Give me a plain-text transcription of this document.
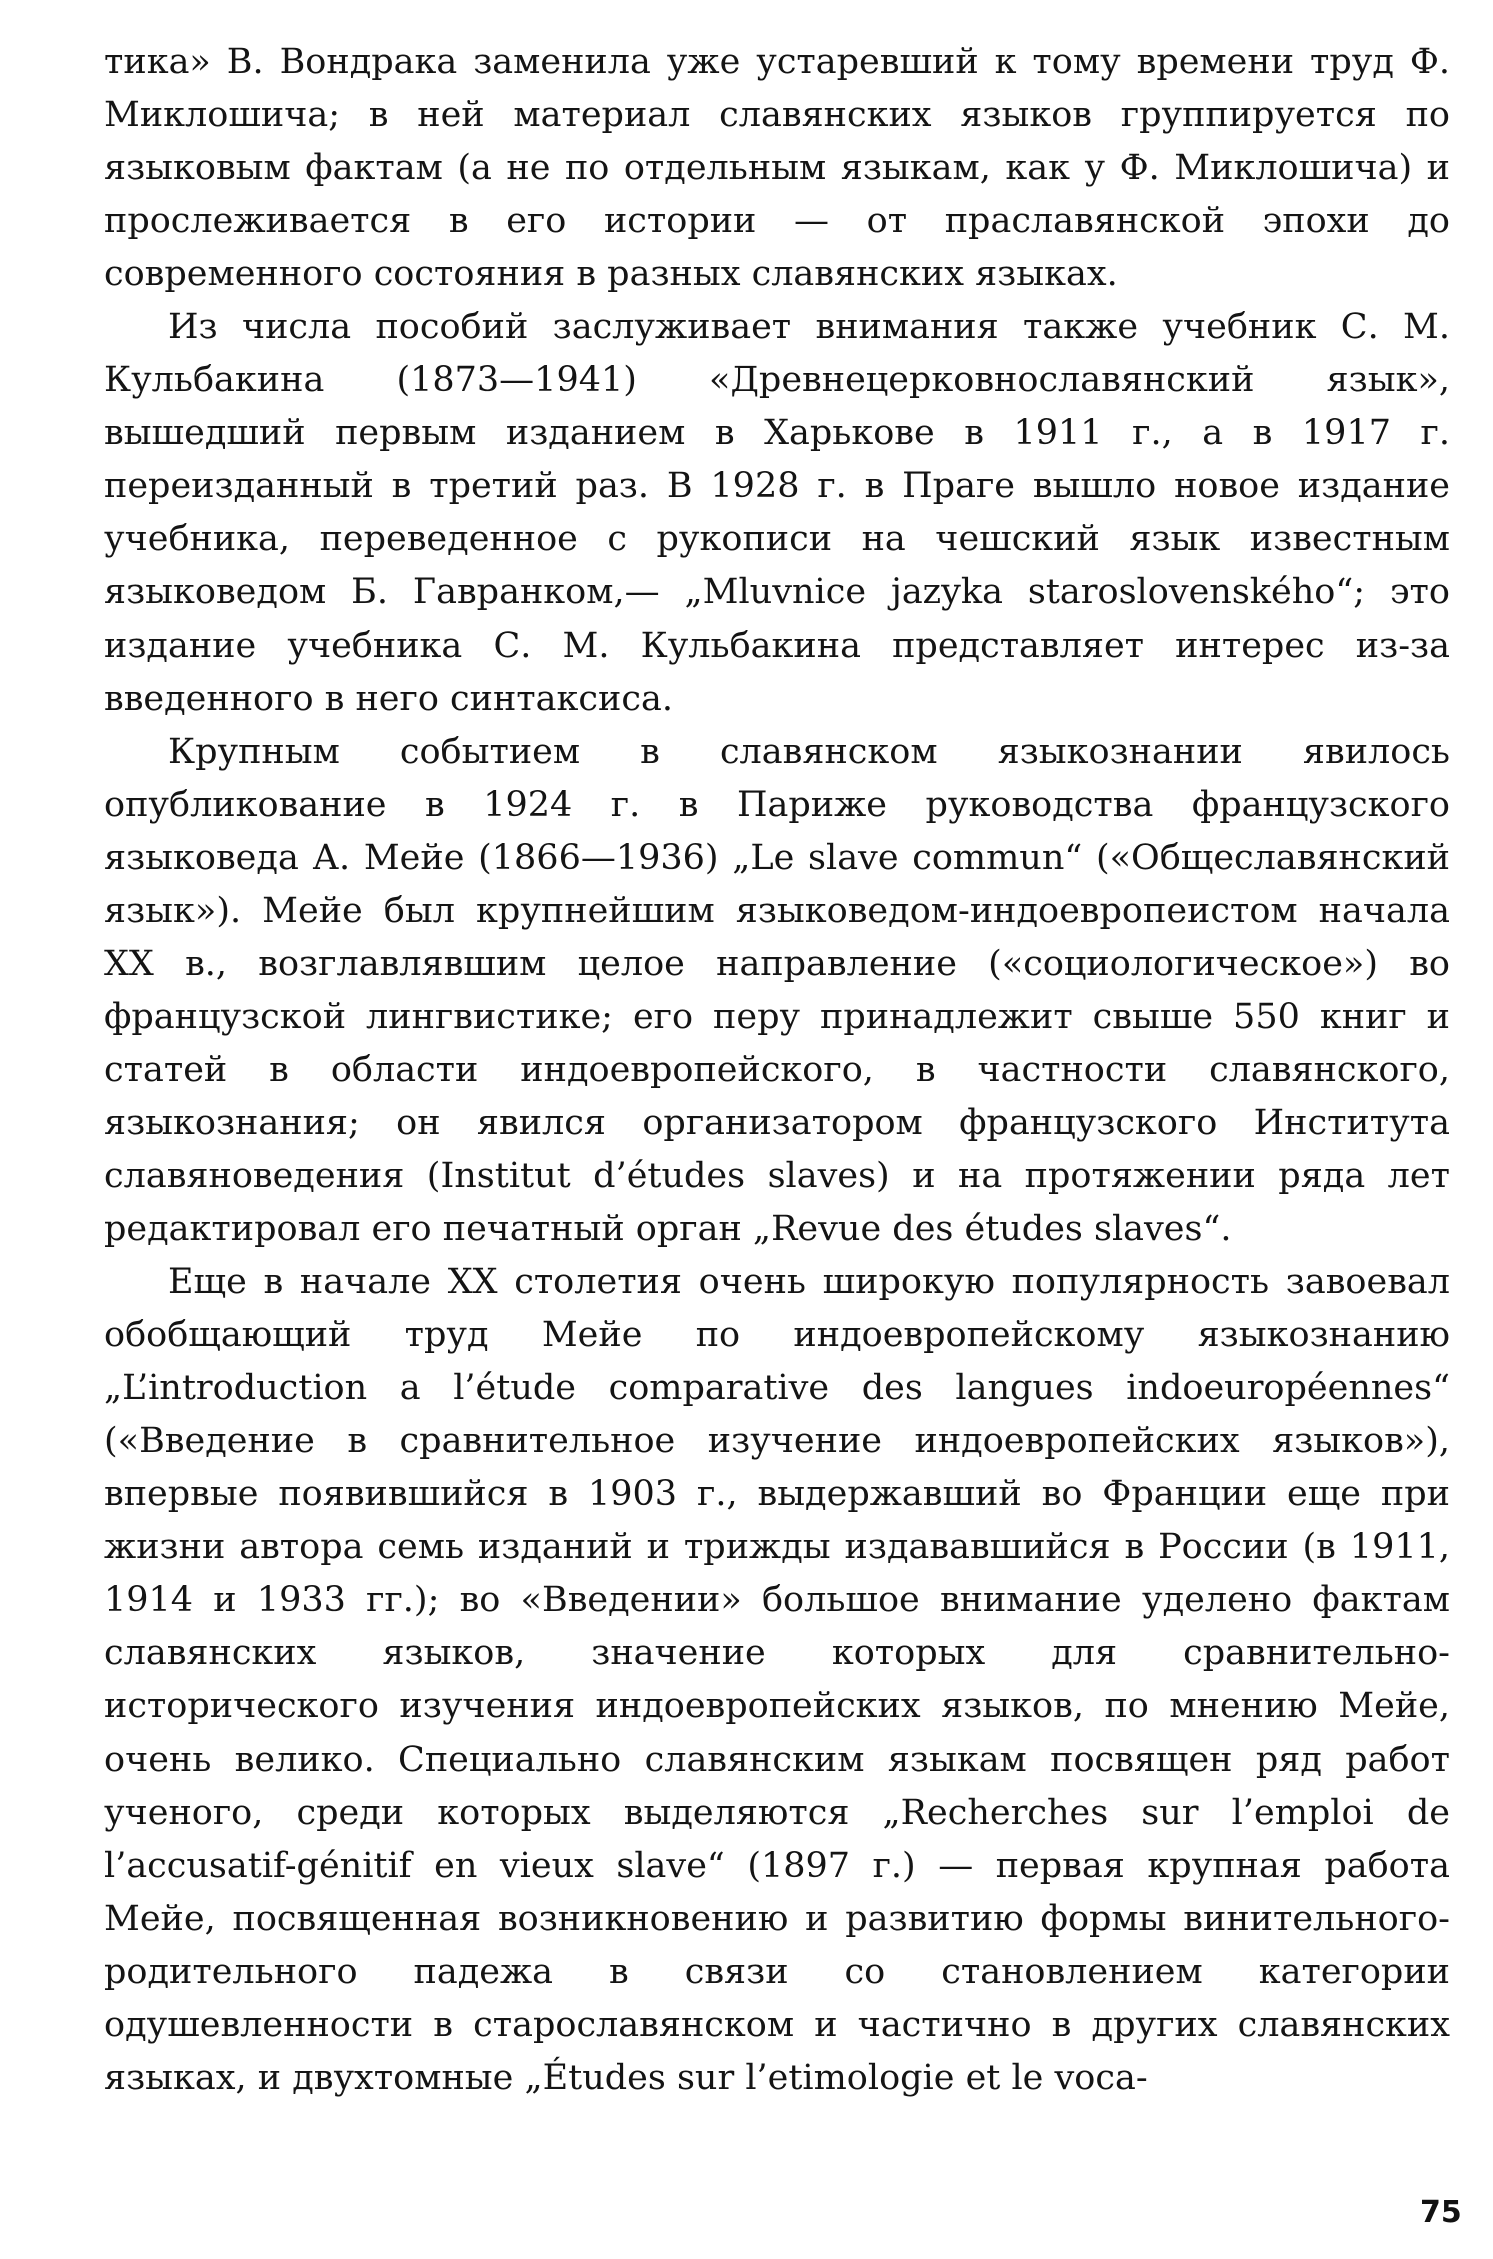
тика» В. Вондрака заменила уже устаревший к тому времени труд Ф. Миклошича; в ней материал славянских языков группируется по языковым фактам (а не по отдельным языкам, как у Ф. Миклошича) и прослеживается в его истории — от праславянской эпохи до современного состояния в разных славянских языках.

Из числа пособий заслуживает внимания также учебник С. М. Кульбакина (1873—1941) «Древнецерковнославянский язык», вышедший первым изданием в Харькове в 1911 г., а в 1917 г. переизданный в третий раз. В 1928 г. в Праге вышло новое издание учебника, переведенное с рукописи на чешский язык известным языковедом Б. Гавранком,— „Mluvnice jazyka staroslovenského“; это издание учебника С. М. Кульбакина представляет интерес из-за введенного в него синтаксиса.

Крупным событием в славянском языкознании явилось опубликование в 1924 г. в Париже руководства французского языковеда А. Мейе (1866—1936) „Le slave commun“ («Общеславянский язык»). Мейе был крупнейшим языковедом-индоевропеистом начала XX в., возглавлявшим целое направление («социологическое») во французской лингвистике; его перу принадлежит свыше 550 книг и статей в области индоевропейского, в частности славянского, языкознания; он явился организатором французского Института славяноведения (Institut d’études slaves) и на протяжении ряда лет редактировал его печатный орган „Revue des études slaves“.

Еще в начале XX столетия очень широкую популярность завоевал обобщающий труд Мейе по индоевропейскому языкознанию „L’introduction a l’étude comparative des langues indoeuropéennes“ («Введение в сравнительное изучение индоевропейских языков»), впервые появившийся в 1903 г., выдержавший во Франции еще при жизни автора семь изданий и трижды издававшийся в России (в 1911, 1914 и 1933 гг.); во «Введении» большое внимание уделено фактам славянских языков, значение которых для сравнительно-исторического изучения индоевропейских языков, по мнению Мейе, очень велико. Специально славянским языкам посвящен ряд работ ученого, среди которых выделяются „Recherches sur l’emploi de l’accusatif-génitif en vieux slave“ (1897 г.) — первая крупная работа Мейе, посвященная возникновению и развитию формы винительного-родительного падежа в связи со становлением категории одушевленности в старославянском и частично в других славянских языках, и двухтомные „Études sur l’etimologie et le voca-

75
